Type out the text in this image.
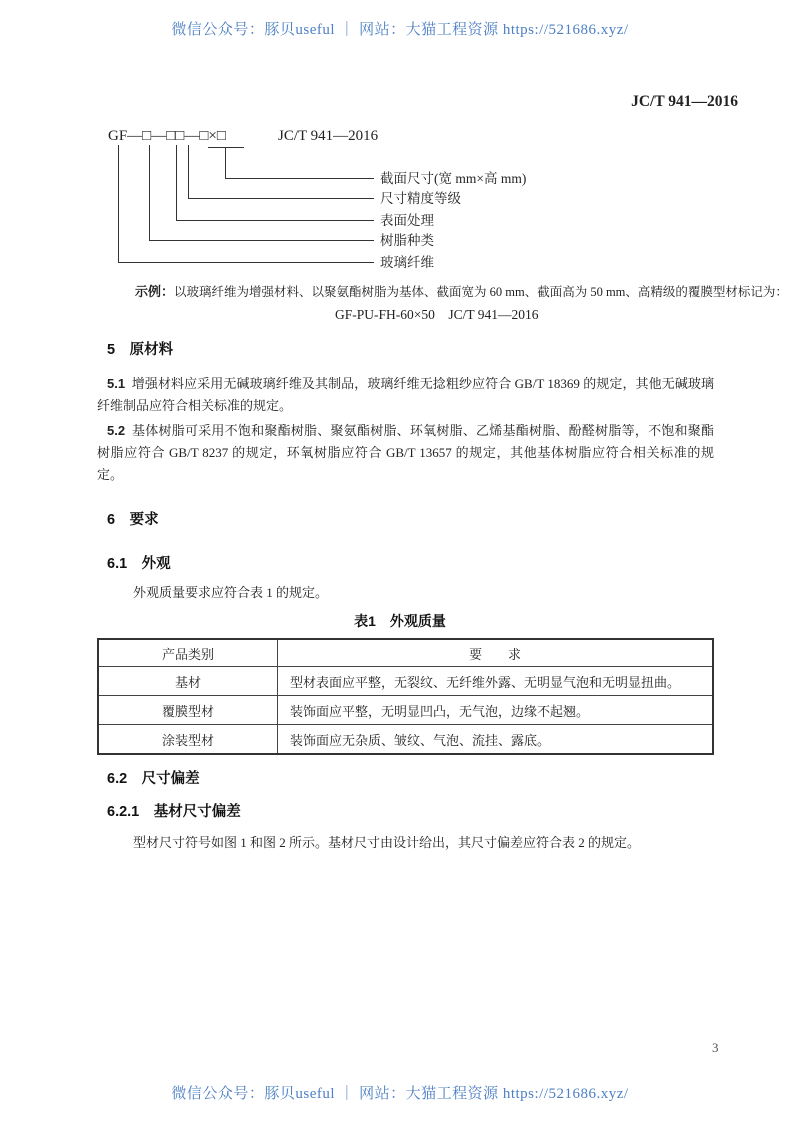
微信公众号：豚贝useful ｜ 网站：大猫工程资源 https://521686.xyz/
JC/T 941—2016
GF—□—□□—□×□	JC/T 941—2016
截面尺寸(宽 mm×高 mm)
尺寸精度等级
表面处理
树脂种类
玻璃纤维
示例：以玻璃纤维为增强材料、以聚氨酯树脂为基体、截面宽为 60 mm、截面高为 50 mm、高精级的覆膜型材标记为：
GF-PU-FH-60×50　JC/T 941—2016
5　原材料
5.1 增强材料应采用无碱玻璃纤维及其制品，玻璃纤维无捻粗纱应符合 GB/T 18369 的规定，其他无碱玻璃纤维制品应符合相关标准的规定。
5.2 基体树脂可采用不饱和聚酯树脂、聚氨酯树脂、环氧树脂、乙烯基酯树脂、酚醛树脂等，不饱和聚酯树脂应符合 GB/T 8237 的规定，环氧树脂应符合 GB/T 13657 的规定，其他基体树脂应符合相关标准的规定。
6　要求
6.1　外观
外观质量要求应符合表 1 的规定。
表1　外观质量
产品类别	要　　求
基材	型材表面应平整，无裂纹、无纤维外露、无明显气泡和无明显扭曲。
覆膜型材	装饰面应平整，无明显凹凸，无气泡，边缘不起翘。
涂装型材	装饰面应无杂质、皱纹、气泡、流挂、露底。
6.2　尺寸偏差
6.2.1　基材尺寸偏差
型材尺寸符号如图 1 和图 2 所示。基材尺寸由设计给出，其尺寸偏差应符合表 2 的规定。
3
微信公众号：豚贝useful ｜ 网站：大猫工程资源 https://521686.xyz/
